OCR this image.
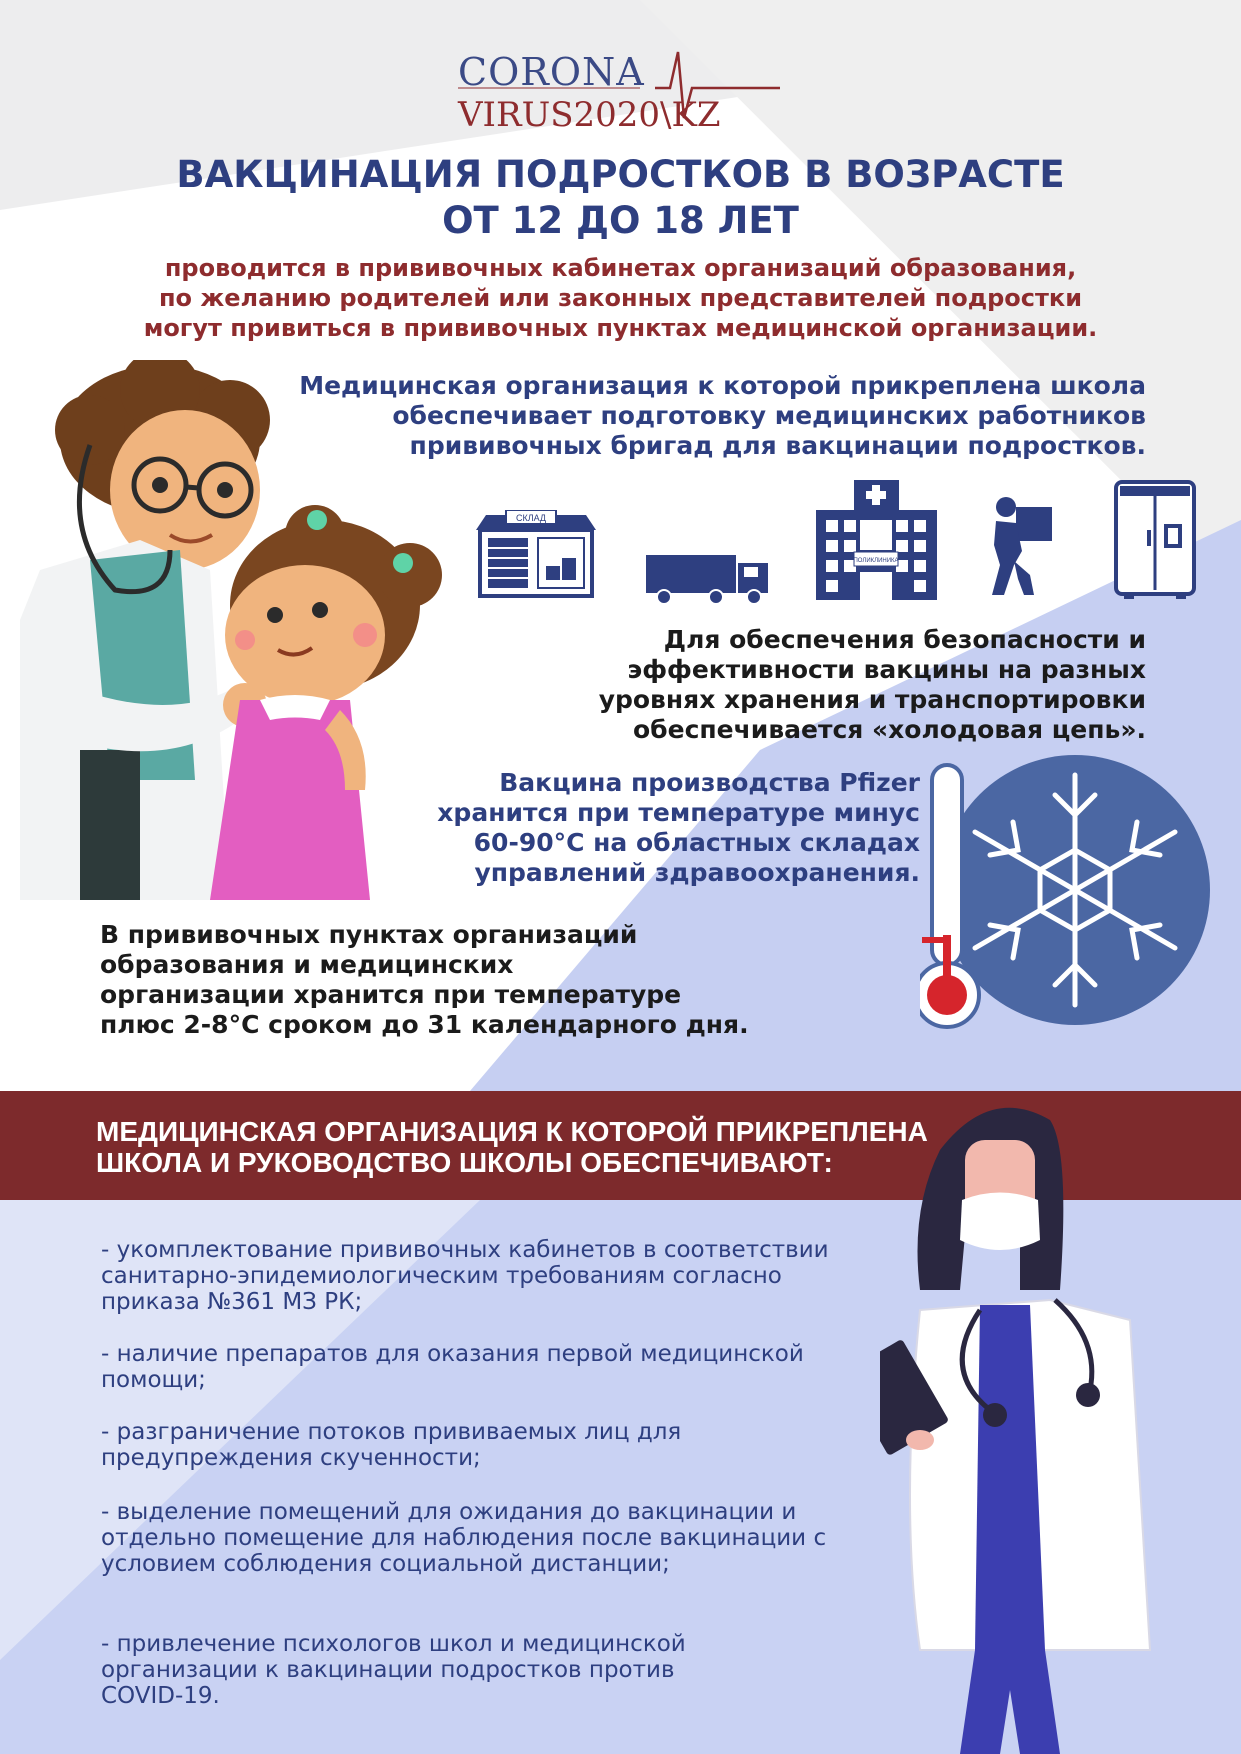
CORONA
VIRUS2020\KZ
ВАКЦИНАЦИЯ ПОДРОСТКОВ В ВОЗРАСТЕ
ОТ 12 ДО 18 ЛЕТ
проводится в прививочных кабинетах организаций образования,
по желанию родителей или законных представителей подростки
могут привиться в прививочных пунктах медицинской организации.
Медицинская организация к которой прикреплена школа
обеспечивает подготовку медицинских работников
прививочных бригад для вакцинации подростков.
СКЛАД
ПОЛИКЛИНИКА
Для обеспечения безопасности и
эффективности вакцины на разных
уровнях хранения и транспортировки
обеспечивается «холодовая цепь».
Вакцина производства Pfizer
хранится при температуре минус
60-90°С на областных складах
управлений здравоохранения.
В прививочных пунктах организаций
образования и медицинских
организации хранится при температуре
плюс 2-8°С сроком до 31 календарного дня.
МЕДИЦИНСКАЯ ОРГАНИЗАЦИЯ К КОТОРОЙ ПРИКРЕПЛЕНА
ШКОЛА И РУКОВОДСТВО ШКОЛЫ ОБЕСПЕЧИВАЮТ:
- укомплектование прививочных кабинетов в соответствии
санитарно-эпидемиологическим требованиям согласно
приказа №361 МЗ РК;
- наличие препаратов для оказания первой медицинской
помощи;
- разграничение потоков прививаемых лиц для
предупреждения скученности;
- выделение помещений для ожидания до вакцинации и
отдельно помещение для наблюдения после вакцинации с
условием соблюдения социальной дистанции;
- привлечение психологов школ и медицинской
организации к вакцинации подростков против
COVID-19.
